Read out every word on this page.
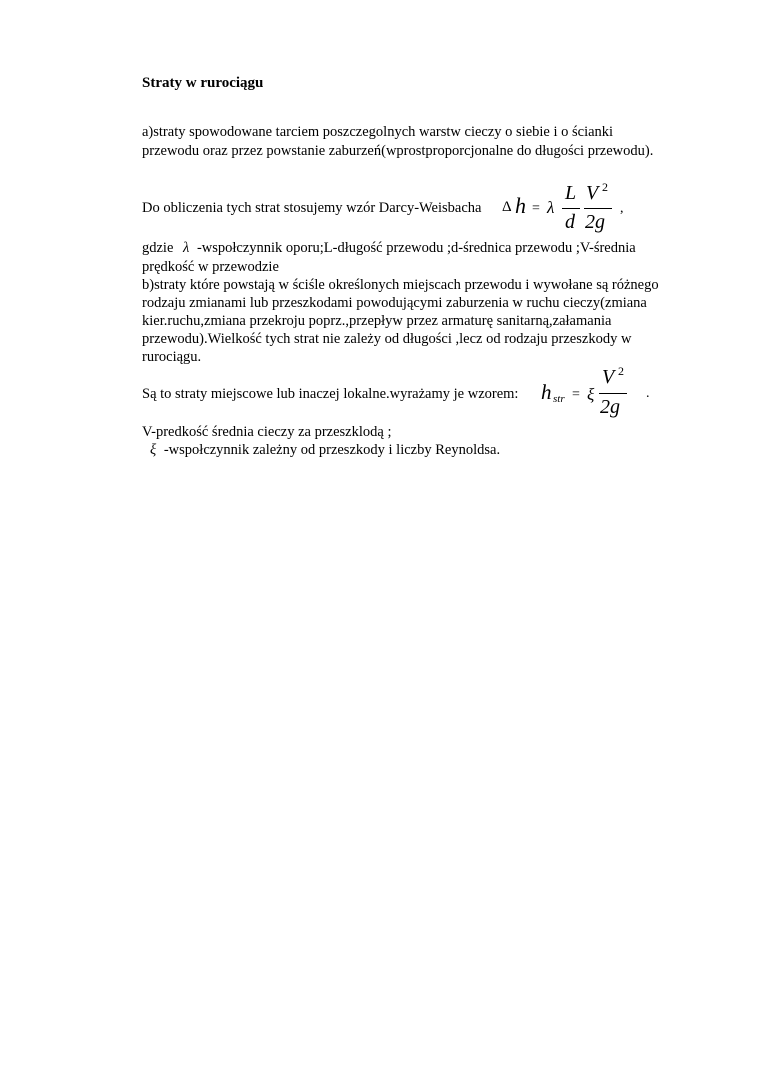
Straty w rurociągu
a)straty spowodowane tarciem poszczegolnych warstw cieczy o siebie i o ścianki
przewodu oraz przez powstanie zaburzeń(wprostproporcjonalne do długości przewodu).
Do obliczenia tych strat stosujemy wzór Darcy-Weisbacha Δ h = λ
L
d
V 2
2g
,
gdzie λ -wspołczynnik oporu;L-długość przewodu ;d-średnica przewodu ;V-średnia
prędkość w przewodzie
b)straty które powstają w ściśle określonych miejscach przewodu i wywołane są różnego
rodzaju zmianami lub przeszkodami powodującymi zaburzenia w ruchu cieczy(zmiana
kier.ruchu,zmiana przekroju poprz.,przepływ przez armaturę sanitarną,załamania
przewodu).Wielkość tych strat nie zależy od długości ,lecz od rodzaju przeszkody w
rurociągu.
Są to straty miejscowe lub inaczej lokalne.wyrażamy je wzorem: h str = ξ
V 2
2g
.
V-predkość średnia cieczy za przeszklodą ;
ξ -wspołczynnik zależny od przeszkody i liczby Reynoldsa.
